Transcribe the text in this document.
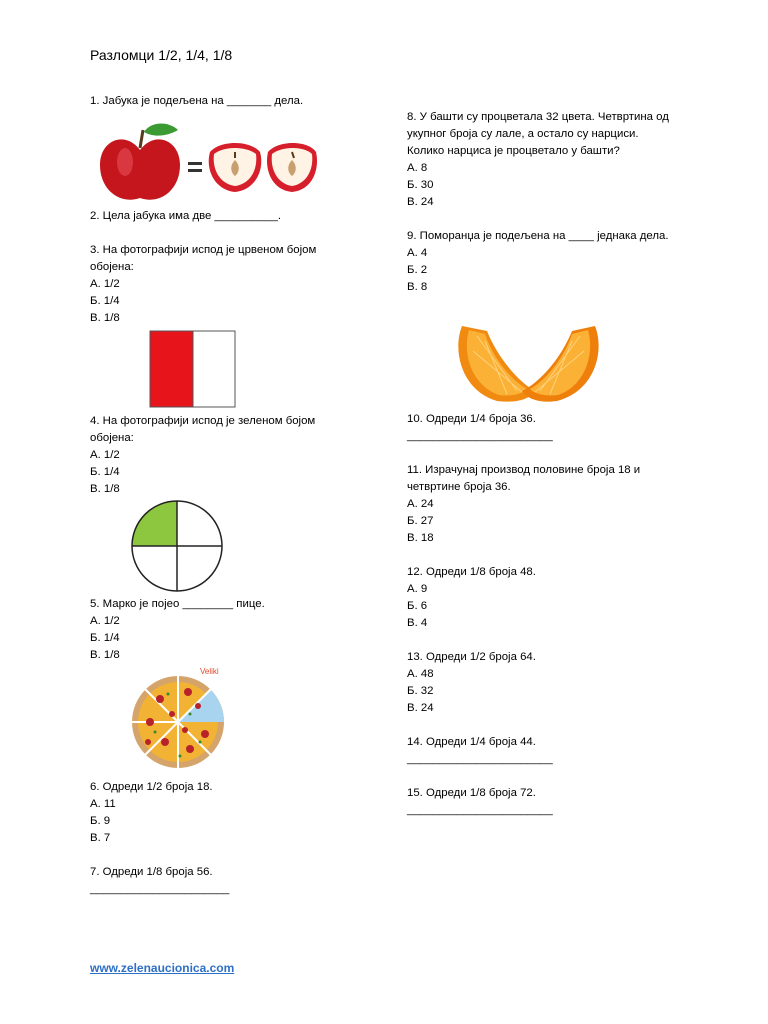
Разломци 1/2, 1/4, 1/8
1. Јабука је подељена на _______ дела.
2. Цела јабука има две __________.
3. На фотографији испод је црвеном бојом
обојена:
А. 1/2
Б. 1/4
В. 1/8
4. На фотографији испод је зеленом бојом
обојена:
А. 1/2
Б. 1/4
В. 1/8
5. Марко је појео ________ пице.
А. 1/2
Б. 1/4
В. 1/8
Veliki
6. Одреди 1/2 броја 18.
А. 11
Б. 9
В. 7
7. Одреди 1/8 броја 56.
______________________
8. У башти су процветала 32 цвета. Четвртина од
укупног броја су лале, а остало су нарциси.
Колико нарциса је процветало у башти?
А. 8
Б. 30
В. 24
9. Поморанџа је подељена на ____ једнака дела.
А. 4
Б. 2
В. 8
10. Одреди 1/4 броја 36.
_______________________
11. Израчунај производ половине броја 18 и
четвртине броја 36.
А. 24
Б. 27
В. 18
12. Одреди 1/8 броја 48.
А. 9
Б. 6
В. 4
13. Одреди 1/2 броја 64.
А. 48
Б. 32
В. 24
14. Одреди 1/4 броја 44.
_______________________
15. Одреди 1/8 броја 72.
_______________________
www.zelenaucionica.com
